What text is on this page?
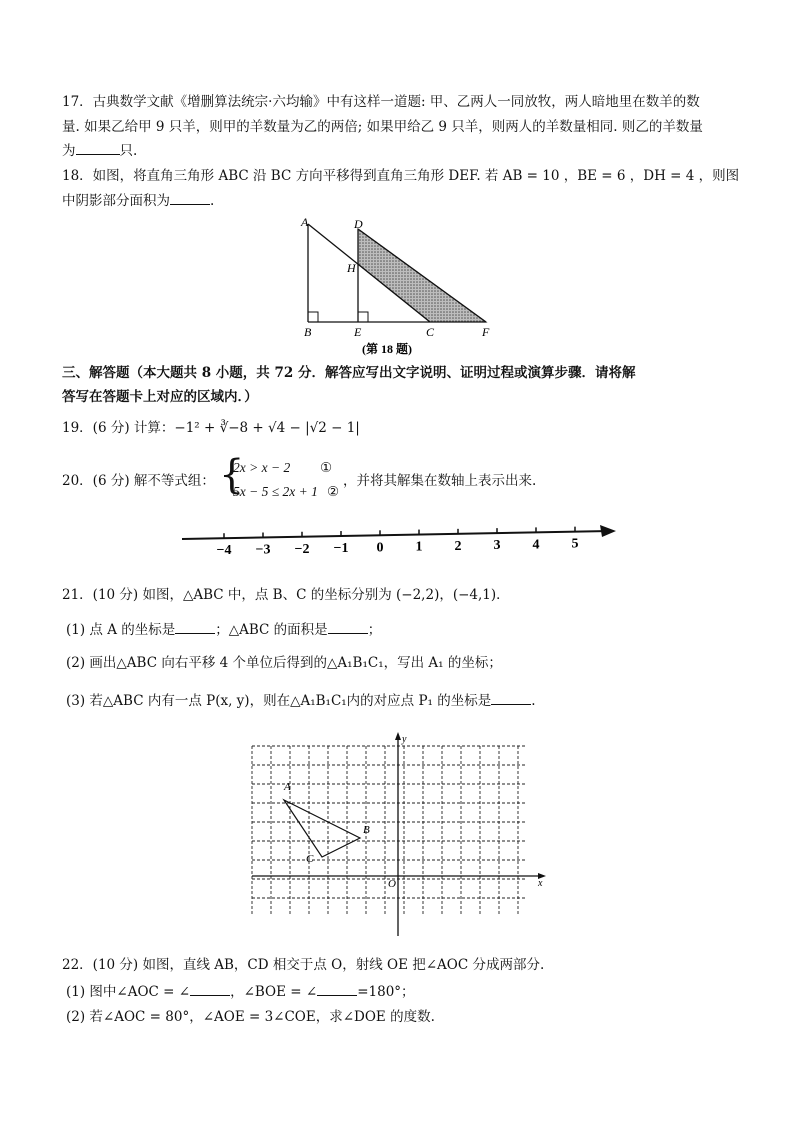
17．古典数学文献《增删算法统宗·六均输》中有这样一道题: 甲、乙两人一同放牧，两人暗地里在数羊的数
量. 如果乙给甲 9 只羊，则甲的羊数量为乙的两倍; 如果甲给乙 9 只羊，则两人的羊数量相同. 则乙的羊数量
为	只.
18．如图，将直角三角形 ABC 沿 BC 方向平移得到直角三角形 DEF. 若 AB = 10 ，BE = 6 ，DH = 4 ，则图
中阴影部分面积为	.
A	D
H
B	E	C	F
(第 18 题)
三、解答题（本大题共 8 小题，共 72 分．解答应写出文字说明、证明过程或演算步骤．请将解
答写在答题卡上对应的区域内．）
19．(6 分) 计算：−1² + ∛−8 + √4 − |√2 − 1|
20．(6 分) 解不等式组： {
2x > x − 2 ①
5x − 5 ≤ 2x + 1 ②
，并将其解集在数轴上表示出来.
−4 −3 −2 −1 0 1 2 3 4 5
21．(10 分) 如图，△ABC 中，点 B、C 的坐标分别为 (−2,2)，(−4,1)．
(1) 点 A 的坐标是	；△ABC 的面积是	；
(2) 画出△ABC 向右平移 4 个单位后得到的△A₁B₁C₁，写出 A₁ 的坐标；
(3) 若△ABC 内有一点 P(x, y)，则在△A₁B₁C₁内的对应点 P₁ 的坐标是	.
A
B
C
O	x
y
22．(10 分) 如图，直线 AB，CD 相交于点 O，射线 OE 把∠AOC 分成两部分.
(1) 图中∠AOC = ∠	，∠BOE = ∠	=180°；
(2) 若∠AOC = 80°，∠AOE = 3∠COE，求∠DOE 的度数.
